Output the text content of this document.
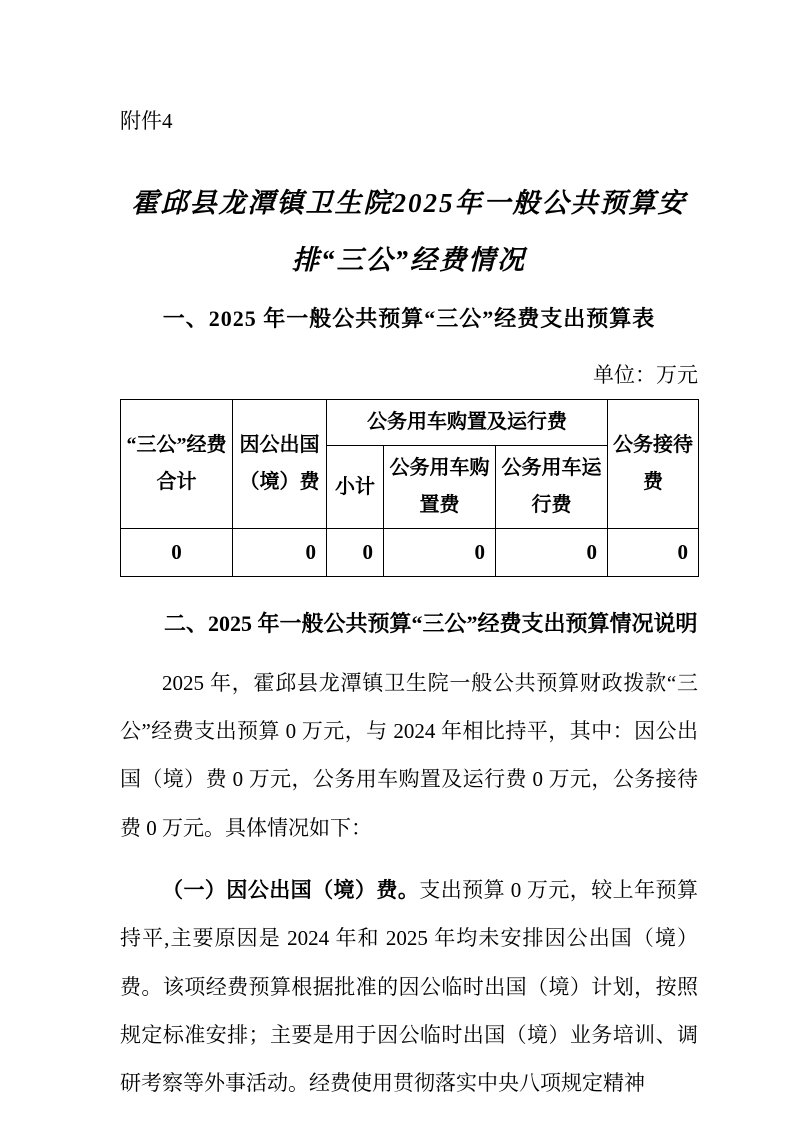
附件4

霍邱县龙潭镇卫生院2025年一般公共预算安排“三公”经费情况
一、2025 年一般公共预算“三公”经费支出预算表

单位：万元

“三公”经费合计	因公出国（境）费	公务用车购置及运行费			公务接待费
		小计	公务用车购置费	公务用车运行费	
0	0	0	0	0	0
二、2025 年一般公共预算“三公”经费支出预算情况说明

2025 年，霍邱县龙潭镇卫生院一般公共预算财政拨款“三公”经费支出预算 0 万元，与 2024 年相比持平，其中：因公出国（境）费 0 万元，公务用车购置及运行费 0 万元，公务接待费 0 万元。具体情况如下：

（一）因公出国（境）费。支出预算 0 万元，较上年预算持平,主要原因是 2024 年和 2025 年均未安排因公出国（境）费。该项经费预算根据批准的因公临时出国（境）计划，按照规定标准安排；主要是用于因公临时出国（境）业务培训、调研考察等外事活动。经费使用贯彻落实中央八项规定精神
